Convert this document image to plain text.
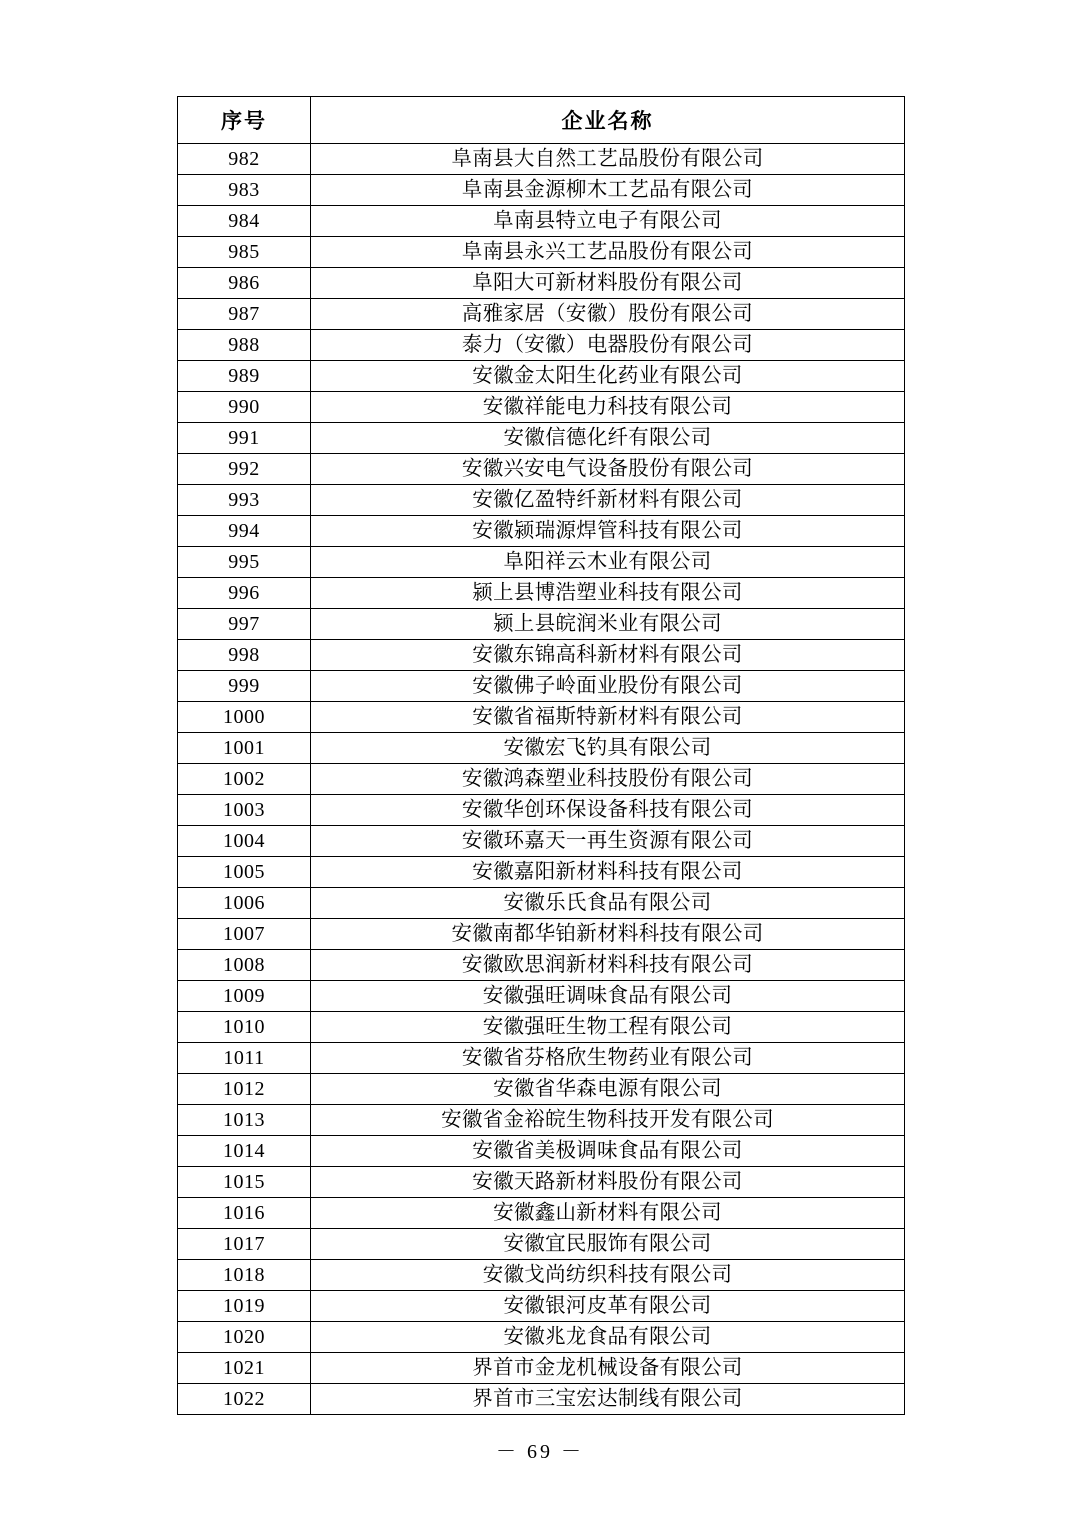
序号	企业名称
982	阜南县大自然工艺品股份有限公司
983	阜南县金源柳木工艺品有限公司
984	阜南县特立电子有限公司
985	阜南县永兴工艺品股份有限公司
986	阜阳大可新材料股份有限公司
987	高雅家居（安徽）股份有限公司
988	泰力（安徽）电器股份有限公司
989	安徽金太阳生化药业有限公司
990	安徽祥能电力科技有限公司
991	安徽信德化纤有限公司
992	安徽兴安电气设备股份有限公司
993	安徽亿盈特纤新材料有限公司
994	安徽颍瑞源焊管科技有限公司
995	阜阳祥云木业有限公司
996	颍上县博浩塑业科技有限公司
997	颍上县皖润米业有限公司
998	安徽东锦高科新材料有限公司
999	安徽佛子岭面业股份有限公司
1000	安徽省福斯特新材料有限公司
1001	安徽宏飞钓具有限公司
1002	安徽鸿森塑业科技股份有限公司
1003	安徽华创环保设备科技有限公司
1004	安徽环嘉天一再生资源有限公司
1005	安徽嘉阳新材料科技有限公司
1006	安徽乐氏食品有限公司
1007	安徽南都华铂新材料科技有限公司
1008	安徽欧思润新材料科技有限公司
1009	安徽强旺调味食品有限公司
1010	安徽强旺生物工程有限公司
1011	安徽省芬格欣生物药业有限公司
1012	安徽省华森电源有限公司
1013	安徽省金裕皖生物科技开发有限公司
1014	安徽省美极调味食品有限公司
1015	安徽天路新材料股份有限公司
1016	安徽鑫山新材料有限公司
1017	安徽宜民服饰有限公司
1018	安徽戈尚纺织科技有限公司
1019	安徽银河皮革有限公司
1020	安徽兆龙食品有限公司
1021	界首市金龙机械设备有限公司
1022	界首市三宝宏达制线有限公司
－ 69 －
